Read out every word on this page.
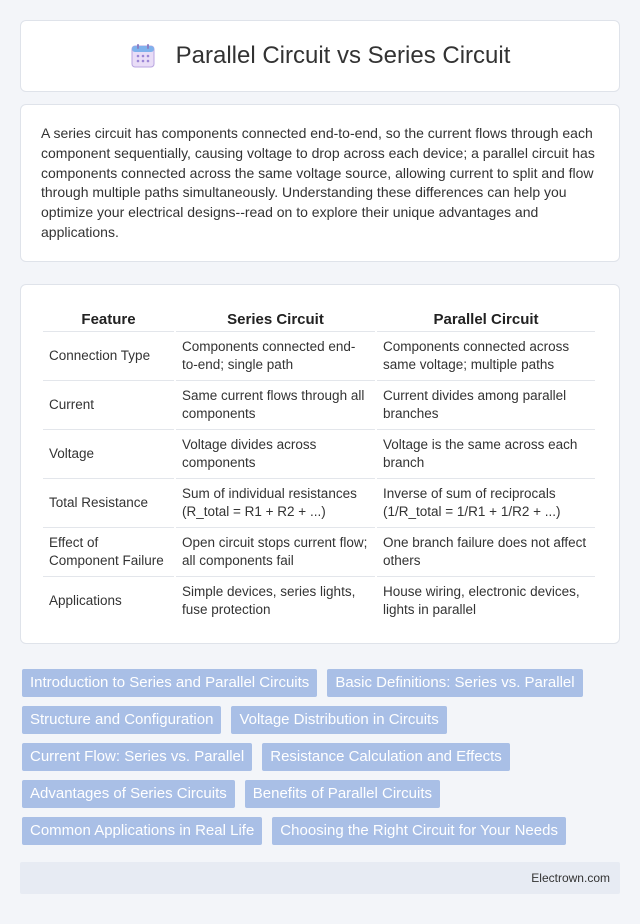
Parallel Circuit vs Series Circuit

A series circuit has components connected end-to-end, so the current flows through each component sequentially, causing voltage to drop across each device; a parallel circuit has components connected across the same voltage source, allowing current to split and flow through multiple paths simultaneously. Understanding these differences can help you optimize your electrical designs--read on to explore their unique advantages and applications.

Feature	Series Circuit	Parallel Circuit
Connection Type	Components connected end-to-end; single path	Components connected across same voltage; multiple paths
Current	Same current flows through all components	Current divides among parallel branches
Voltage	Voltage divides across components	Voltage is the same across each branch
Total Resistance	Sum of individual resistances (R_total = R1 + R2 + ...)	Inverse of sum of reciprocals (1/R_total = 1/R1 + 1/R2 + ...)
Effect of Component Failure	Open circuit stops current flow; all components fail	One branch failure does not affect others
Applications	Simple devices, series lights, fuse protection	House wiring, electronic devices, lights in parallel
Introduction to Series and Parallel Circuits	Basic Definitions: Series vs. Parallel
Structure and Configuration	Voltage Distribution in Circuits
Current Flow: Series vs. Parallel	Resistance Calculation and Effects
Advantages of Series Circuits	Benefits of Parallel Circuits
Common Applications in Real Life	Choosing the Right Circuit for Your Needs
Electrown.com
